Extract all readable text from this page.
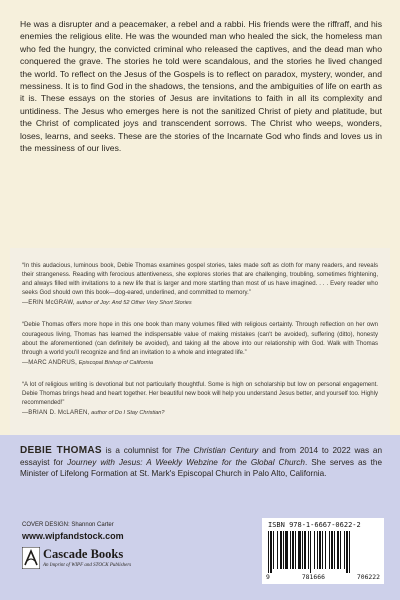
He was a disrupter and a peacemaker, a rebel and a rabbi. His friends were the riffraff, and his enemies the religious elite. He was the wounded man who healed the sick, the homeless man who fed the hungry, the convicted criminal who released the captives, and the dead man who conquered the grave. The stories he told were scandalous, and the stories he lived changed the world. To reflect on the Jesus of the Gospels is to reflect on paradox, mystery, wonder, and messiness. It is to find God in the shadows, the tensions, and the ambiguities of life on earth as it is. These essays on the stories of Jesus are invitations to faith in all its complexity and untidiness. The Jesus who emerges here is not the sanitized Christ of piety and platitude, but the Christ of complicated joys and transcendent sorrows. The Christ who weeps, wonders, loses, learns, and seeks. These are the stories of the Incarnate God who finds and loves us in the messiness of our lives.

“In this audacious, luminous book, Debie Thomas examines gospel stories, tales made soft as cloth for many readers, and reveals their strangeness. Reading with ferocious attentiveness, she explores stories that are challenging, troubling, sometimes frightening, and always filled with invitations to a new life that is larger and more startling than most of us have imagined. . . . Every reader who seeks God should own this book—dog-eared, underlined, and committed to memory.”
—ERIN McGRAW, author of Joy: And 52 Other Very Short Stories

“Debie Thomas offers more hope in this one book than many volumes filled with religious certainty. Through reflection on her own courageous living, Thomas has learned the indispensable value of making mistakes (can't be avoided), suffering (ditto), honesty about the aforementioned (can definitely be avoided), and taking all the above into our relationship with God. Walk with Thomas through a world you'll recognize and find an invitation to a whole and integrated life.”
—MARC ANDRUS, Episcopal Bishop of California

“A lot of religious writing is devotional but not particularly thoughtful. Some is high on scholarship but low on personal engagement. Debie Thomas brings head and heart together. Her beautiful new book will help you understand Jesus better, and yourself too. Highly recommended!”
—BRIAN D. McLAREN, author of Do I Stay Christian?

DEBIE THOMAS is a columnist for The Christian Century and from 2014 to 2022 was an essayist for Journey with Jesus: A Weekly Webzine for the Global Church. She serves as the Minister of Lifelong Formation at St. Mark's Episcopal Church in Palo Alto, California.
COVER DESIGN: Shannon Carter
www.wipfandstock.com
Cascade Books
An Imprint of WIPF and STOCK Publishers
ISBN 978-1-6667-0622-2
9	781666	706222
